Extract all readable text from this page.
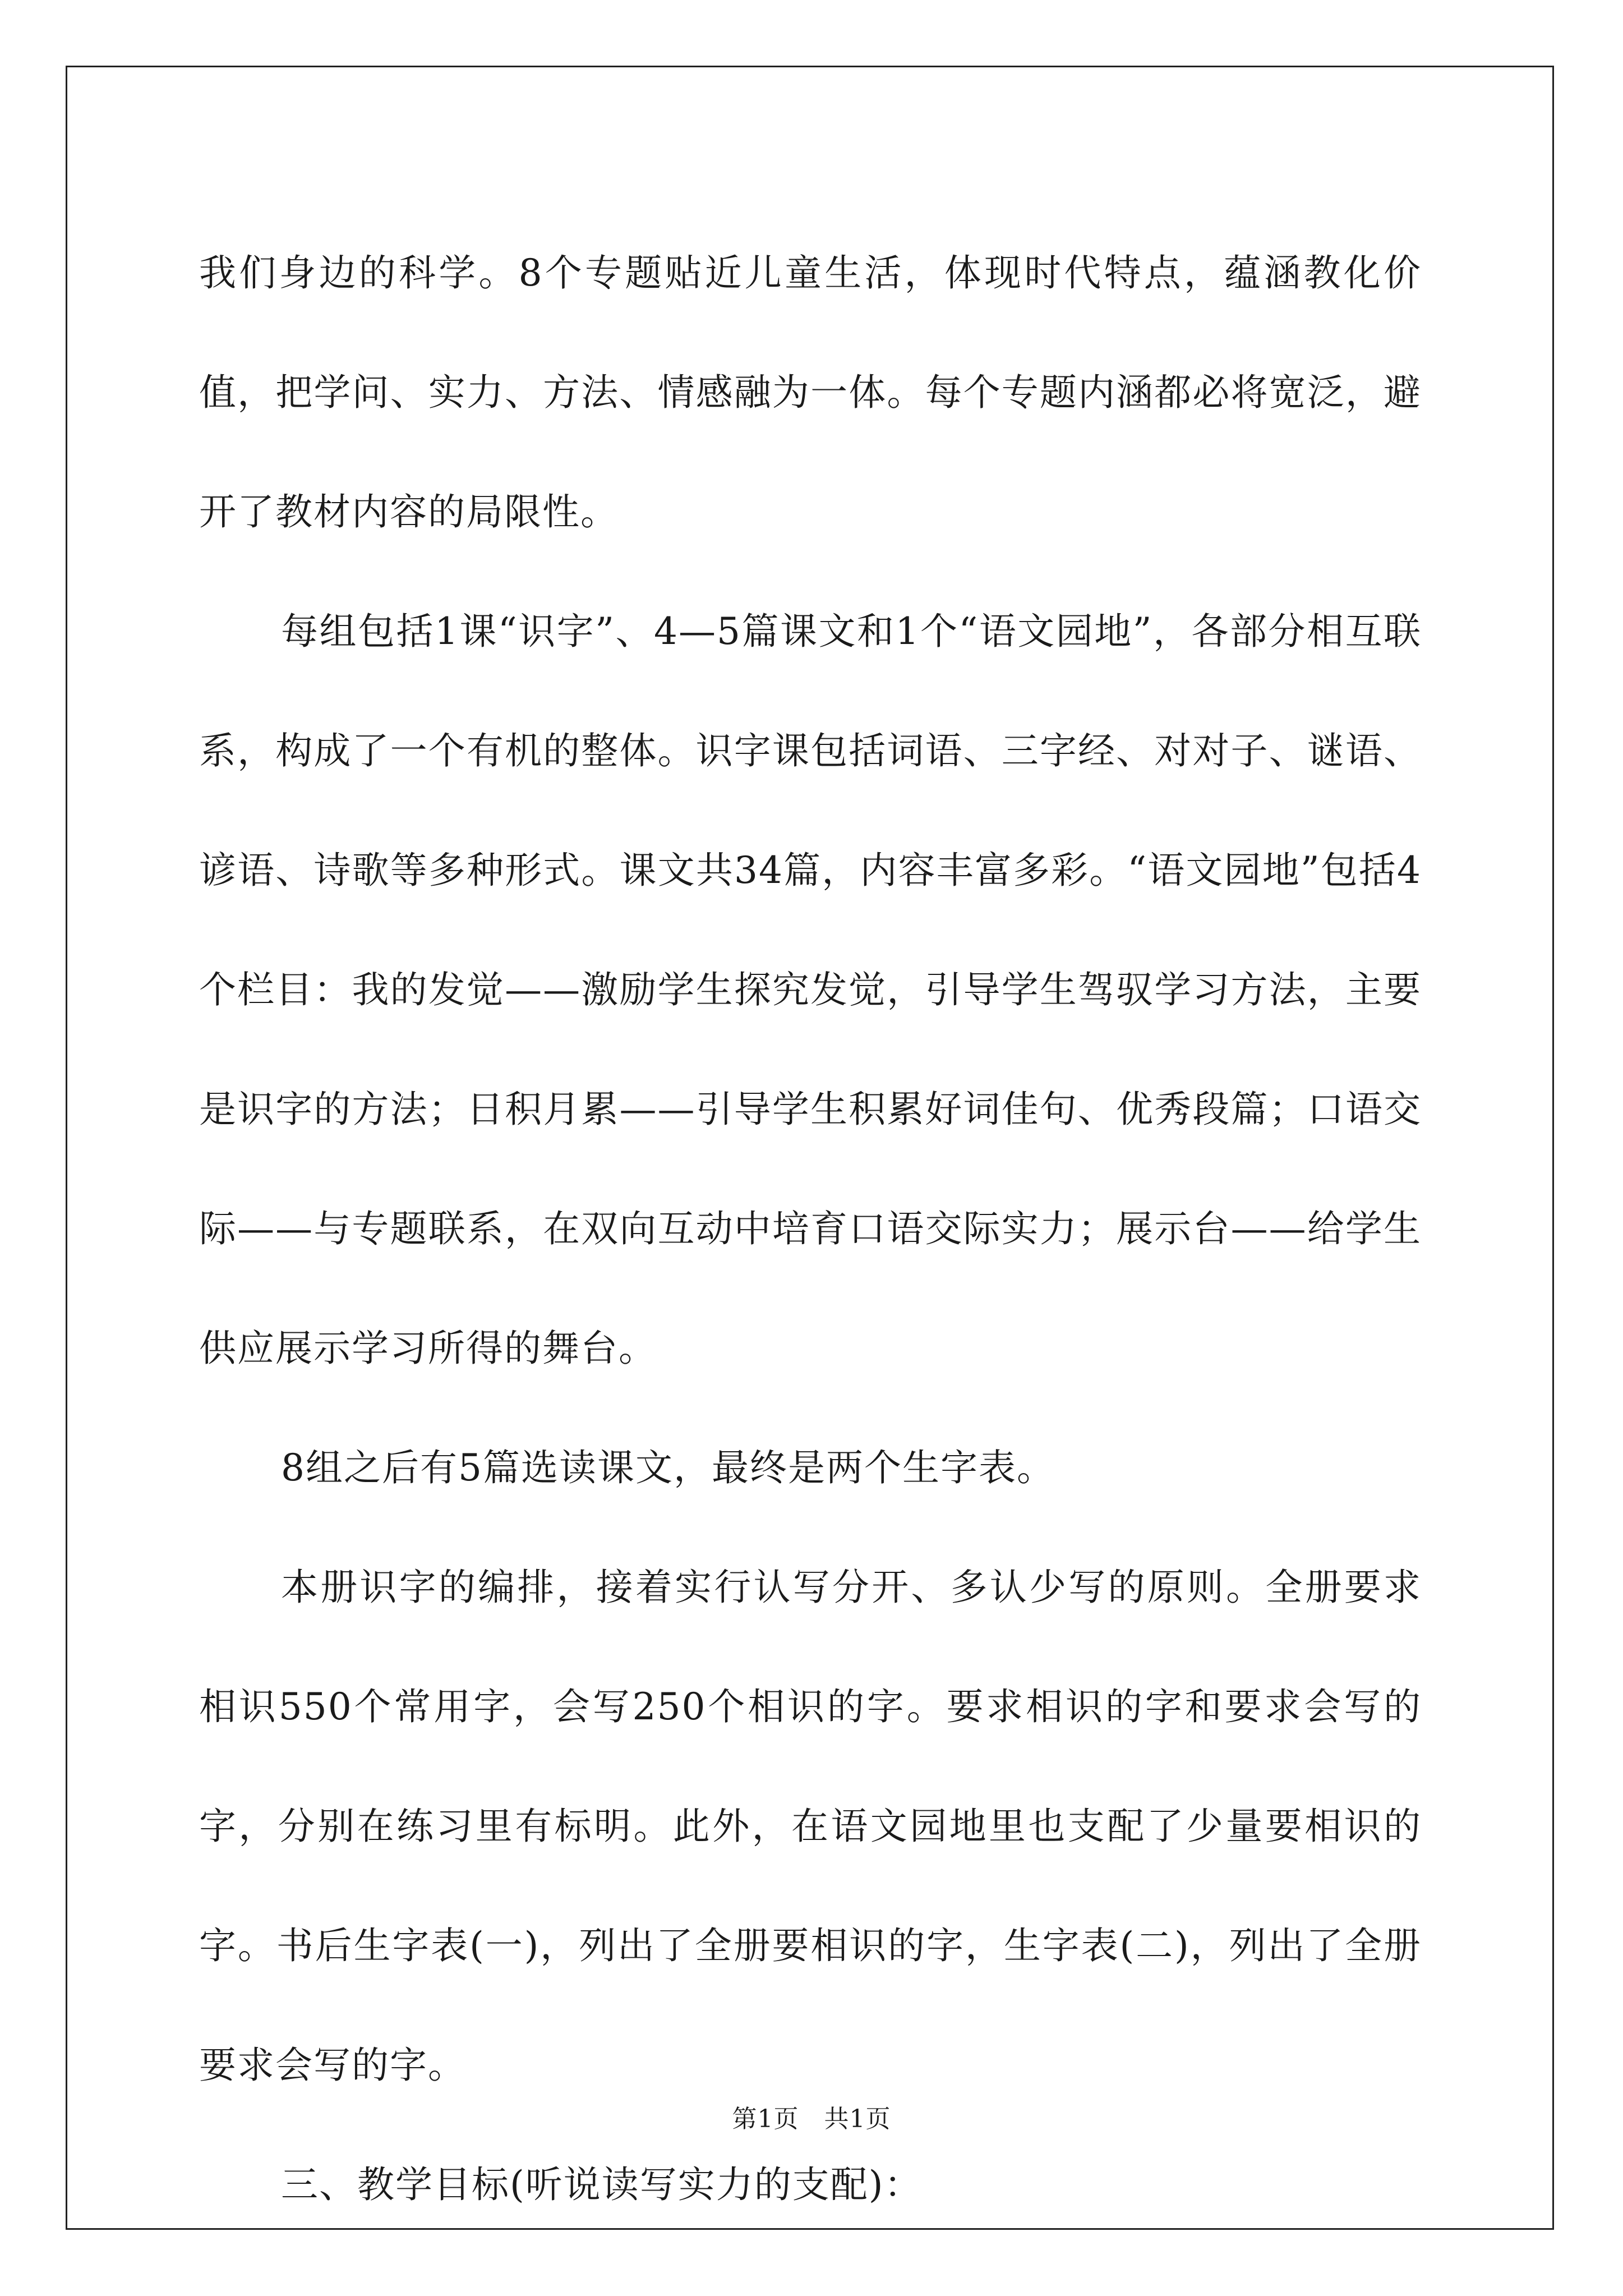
我们身边的科学。8个专题贴近儿童生活，体现时代特点，蕴涵教化价值，把学问、实力、方法、情感融为一体。每个专题内涵都必将宽泛，避开了教材内容的局限性。

每组包括1课“识字”、4—5篇课文和1个“语文园地”，各部分相互联系，构成了一个有机的整体。识字课包括词语、三字经、对对子、谜语、谚语、诗歌等多种形式。课文共34篇，内容丰富多彩。“语文园地”包括4个栏目：我的发觉——激励学生探究发觉，引导学生驾驭学习方法，主要是识字的方法；日积月累——引导学生积累好词佳句、优秀段篇；口语交际——与专题联系，在双向互动中培育口语交际实力；展示台——给学生供应展示学习所得的舞台。

8组之后有5篇选读课文，最终是两个生字表。

本册识字的编排，接着实行认写分开、多认少写的原则。全册要求相识550个常用字，会写250个相识的字。要求相识的字和要求会写的字，分别在练习里有标明。此外，在语文园地里也支配了少量要相识的字。书后生字表(一)，列出了全册要相识的字，生字表(二)，列出了全册要求会写的字。

三、教学目标(听说读写实力的支配)：

第1页　共1页
